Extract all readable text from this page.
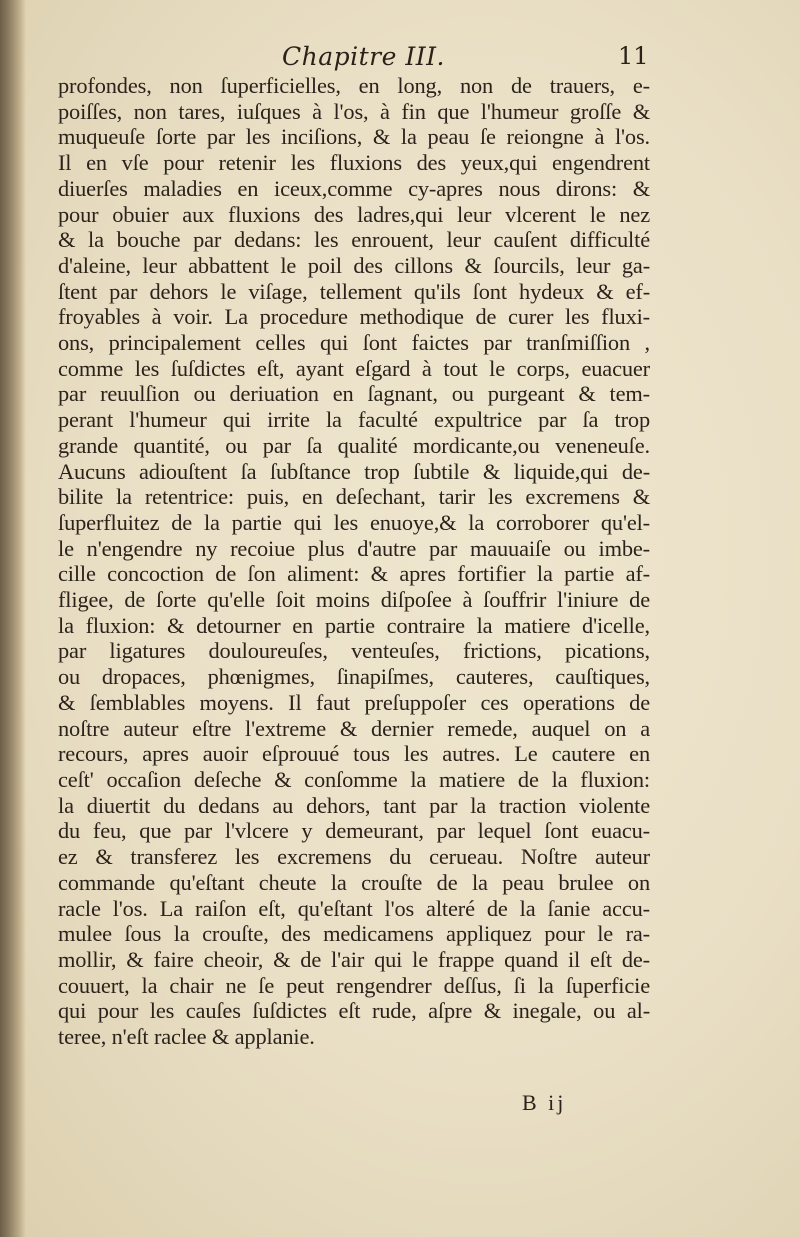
Chapitre III.	11
profondes, non ſuperficielles, en long, non de trauers, e-
poiſſes, non tares, iuſques à l'os, à fin que l'humeur groſſe &
muqueuſe ſorte par les inciſions, & la peau ſe reiongne à l'os.
Il en vſe pour retenir les fluxions des yeux,qui engendrent
diuerſes maladies en iceux,comme cy-apres nous dirons: &
pour obuier aux fluxions des ladres,qui leur vlcerent le nez
& la bouche par dedans: les enrouent, leur cauſent difficulté
d'aleine, leur abbattent le poil des cillons & ſourcils, leur ga-
ſtent par dehors le viſage, tellement qu'ils ſont hydeux & ef-
froyables à voir. La procedure methodique de curer les fluxi-
ons, principalement celles qui ſont faictes par tranſmiſſion ,
comme les ſuſdictes eſt, ayant eſgard à tout le corps, euacuer
par reuulſion ou deriuation en ſagnant, ou purgeant & tem-
perant l'humeur qui irrite la faculté expultrice par ſa trop
grande quantité, ou par ſa qualité mordicante,ou veneneuſe.
Aucuns adiouſtent ſa ſubſtance trop ſubtile & liquide,qui de-
bilite la retentrice: puis, en deſechant, tarir les excremens &
ſuperfluitez de la partie qui les enuoye,& la corroborer qu'el-
le n'engendre ny recoiue plus d'autre par mauuaiſe ou imbe-
cille concoction de ſon aliment: & apres fortifier la partie af-
fligee, de ſorte qu'elle ſoit moins diſpoſee à ſouffrir l'iniure de
la fluxion: & detourner en partie contraire la matiere d'icelle,
par ligatures douloureuſes, venteuſes, frictions, pications,
ou dropaces, phœnigmes, ſinapiſmes, cauteres, cauſtiques,
& ſemblables moyens. Il faut preſuppoſer ces operations de
noſtre auteur eſtre l'extreme & dernier remede, auquel on a
recours, apres auoir eſprouué tous les autres. Le cautere en
ceſt' occaſion deſeche & conſomme la matiere de la fluxion:
la diuertit du dedans au dehors, tant par la traction violente
du feu, que par l'vlcere y demeurant, par lequel ſont euacu-
ez & transferez les excremens du cerueau. Noſtre auteur
commande qu'eſtant cheute la crouſte de la peau brulee on
racle l'os. La raiſon eſt, qu'eſtant l'os alteré de la ſanie accu-
mulee ſous la crouſte, des medicamens appliquez pour le ra-
mollir, & faire cheoir, & de l'air qui le frappe quand il eſt de-
couuert, la chair ne ſe peut rengendrer deſſus, ſi la ſuperficie
qui pour les cauſes ſuſdictes eſt rude, aſpre & inegale, ou al-
teree, n'eſt raclee & applanie.
B ij
